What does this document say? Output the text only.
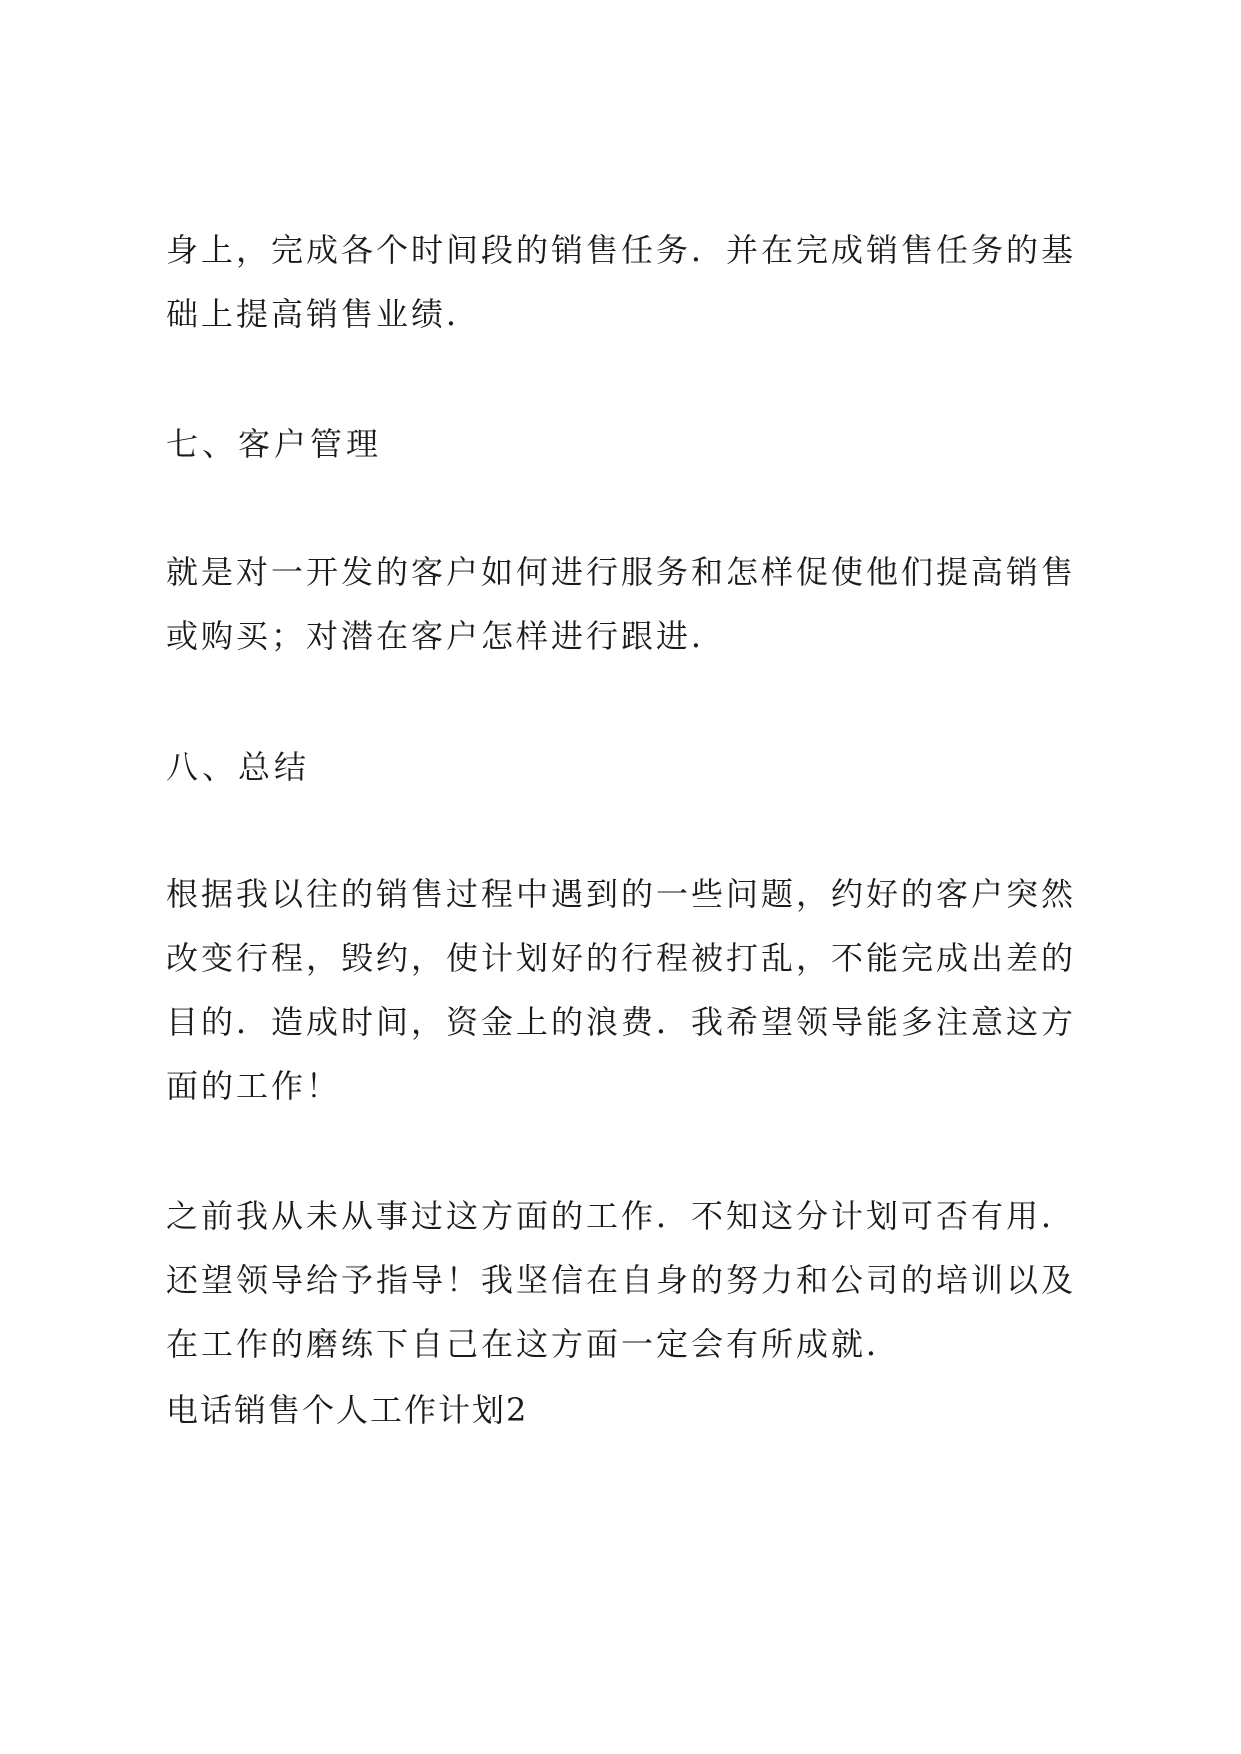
身上，完成各个时间段的销售任务．并在完成销售任务的基础上提高销售业绩．

七、客户管理

就是对一开发的客户如何进行服务和怎样促使他们提高销售或购买；对潜在客户怎样进行跟进．

八、总结

根据我以往的销售过程中遇到的一些问题，约好的客户突然改变行程，毁约，使计划好的行程被打乱，不能完成出差的目的．造成时间，资金上的浪费．我希望领导能多注意这方面的工作！

之前我从未从事过这方面的工作．不知这分计划可否有用．还望领导给予指导！我坚信在自身的努力和公司的培训以及在工作的磨练下自己在这方面一定会有所成就．

电话销售个人工作计划2
